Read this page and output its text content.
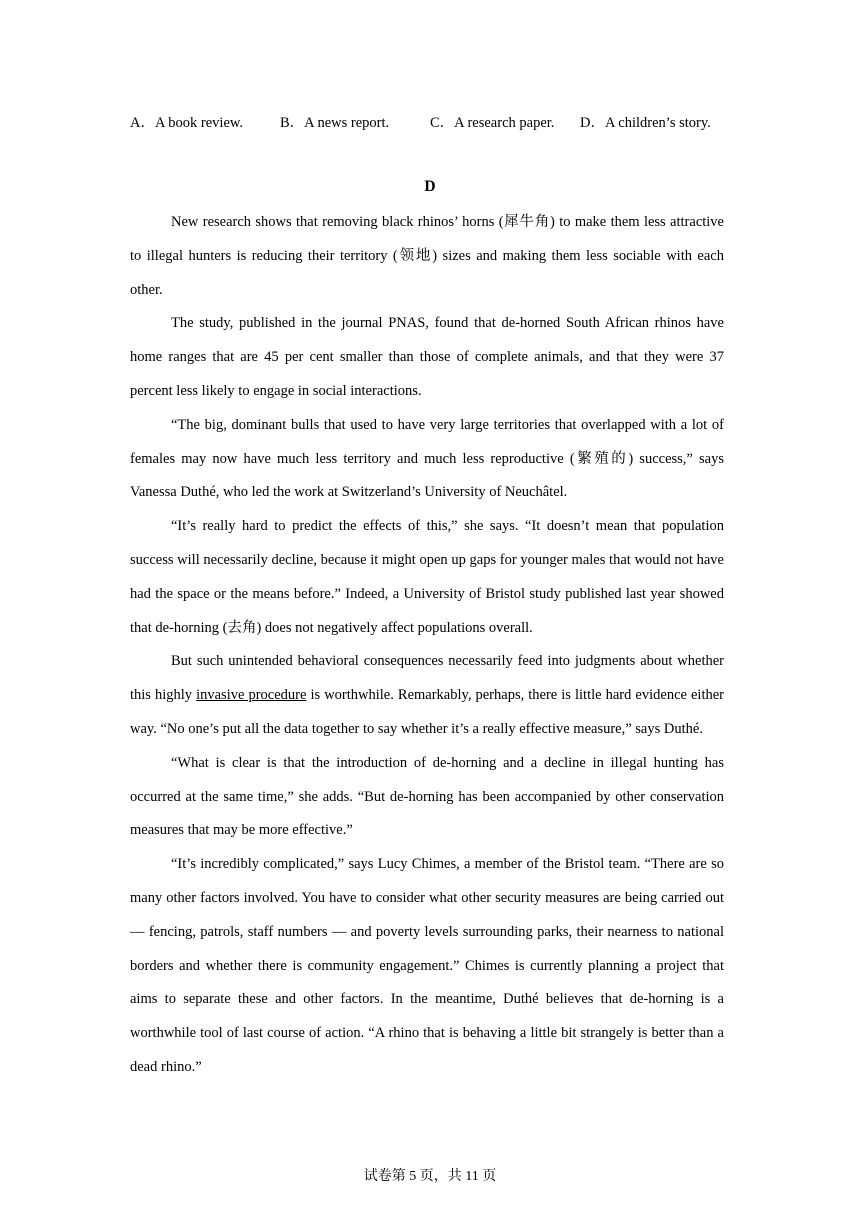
A．A book review.	B．A news report.	C．A research paper. D．A children’s story.
D

New research shows that removing black rhinos’ horns (犀牛角) to make them less attractive to illegal hunters is reducing their territory (领地) sizes and making them less sociable with each other.

The study, published in the journal PNAS, found that de-horned South African rhinos have home ranges that are 45 per cent smaller than those of complete animals, and that they were 37 percent less likely to engage in social interactions.

“The big, dominant bulls that used to have very large territories that overlapped with a lot of females may now have much less territory and much less reproductive (繁殖的) success,” says Vanessa Duthé, who led the work at Switzerland’s University of Neuchâtel.

“It’s really hard to predict the effects of this,” she says. “It doesn’t mean that population success will necessarily decline, because it might open up gaps for younger males that would not have had the space or the means before.” Indeed, a University of Bristol study published last year showed that de-horning (去角) does not negatively affect populations overall.

But such unintended behavioral consequences necessarily feed into judgments about whether this highly invasive procedure is worthwhile. Remarkably, perhaps, there is little hard evidence either way. “No one’s put all the data together to say whether it’s a really effective measure,” says Duthé.

“What is clear is that the introduction of de-horning and a decline in illegal hunting has occurred at the same time,” she adds. “But de-horning has been accompanied by other conservation measures that may be more effective.”

“It’s incredibly complicated,” says Lucy Chimes, a member of the Bristol team. “There are so many other factors involved. You have to consider what other security measures are being carried out — fencing, patrols, staff numbers — and poverty levels surrounding parks, their nearness to national borders and whether there is community engagement.” Chimes is currently planning a project that aims to separate these and other factors. In the meantime, Duthé believes that de-horning is a worthwhile tool of last course of action. “A rhino that is behaving a little bit strangely is better than a dead rhino.”

试卷第 5 页，共 11 页
